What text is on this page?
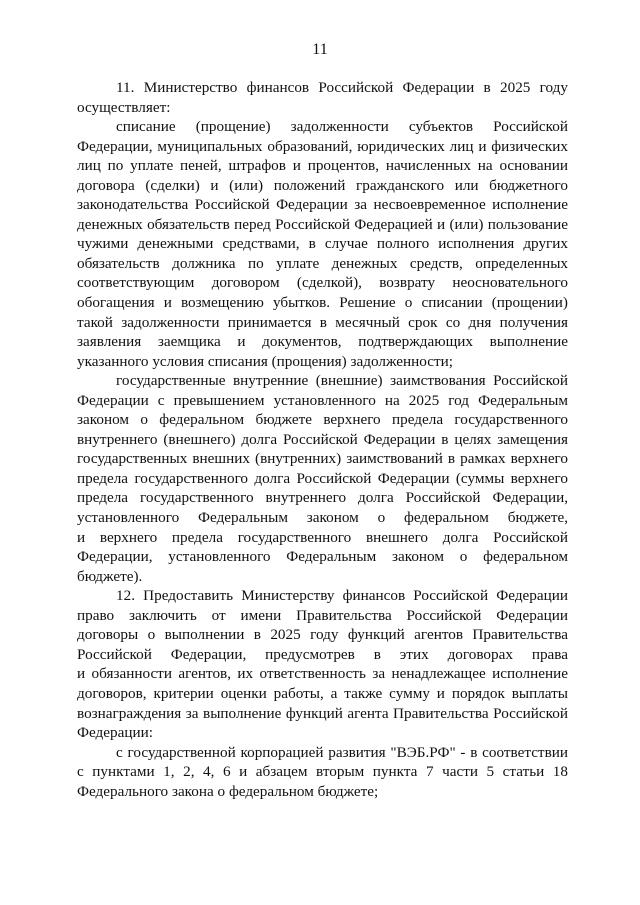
11
11. Министерство финансов Российской Федерации в 2025 году
осуществляет:
списание (прощение) задолженности субъектов Российской
Федерации, муниципальных образований, юридических лиц и физических
лиц по уплате пеней, штрафов и процентов, начисленных на основании
договора (сделки) и (или) положений гражданского или бюджетного
законодательства Российской Федерации за несвоевременное исполнение
денежных обязательств перед Российской Федерацией и (или) пользование
чужими денежными средствами, в случае полного исполнения других
обязательств должника по уплате денежных средств, определенных
соответствующим договором (сделкой), возврату неосновательного
обогащения и возмещению убытков. Решение о списании (прощении)
такой задолженности принимается в месячный срок со дня получения
заявления заемщика и документов, подтверждающих выполнение
указанного условия списания (прощения) задолженности;
государственные внутренние (внешние) заимствования Российской
Федерации с превышением установленного на 2025 год Федеральным
законом о федеральном бюджете верхнего предела государственного
внутреннего (внешнего) долга Российской Федерации в целях замещения
государственных внешних (внутренних) заимствований в рамках верхнего
предела государственного долга Российской Федерации (суммы верхнего
предела государственного внутреннего долга Российской Федерации,
установленного Федеральным законом о федеральном бюджете,
и верхнего предела государственного внешнего долга Российской
Федерации, установленного Федеральным законом о федеральном
бюджете).
12. Предоставить Министерству финансов Российской Федерации
право заключить от имени Правительства Российской Федерации
договоры о выполнении в 2025 году функций агентов Правительства
Российской Федерации, предусмотрев в этих договорах права
и обязанности агентов, их ответственность за ненадлежащее исполнение
договоров, критерии оценки работы, а также сумму и порядок выплаты
вознаграждения за выполнение функций агента Правительства Российской
Федерации:
с государственной корпорацией развития "ВЭБ.РФ" - в соответствии
с пунктами 1, 2, 4, 6 и абзацем вторым пункта 7 части 5 статьи 18
Федерального закона о федеральном бюджете;
